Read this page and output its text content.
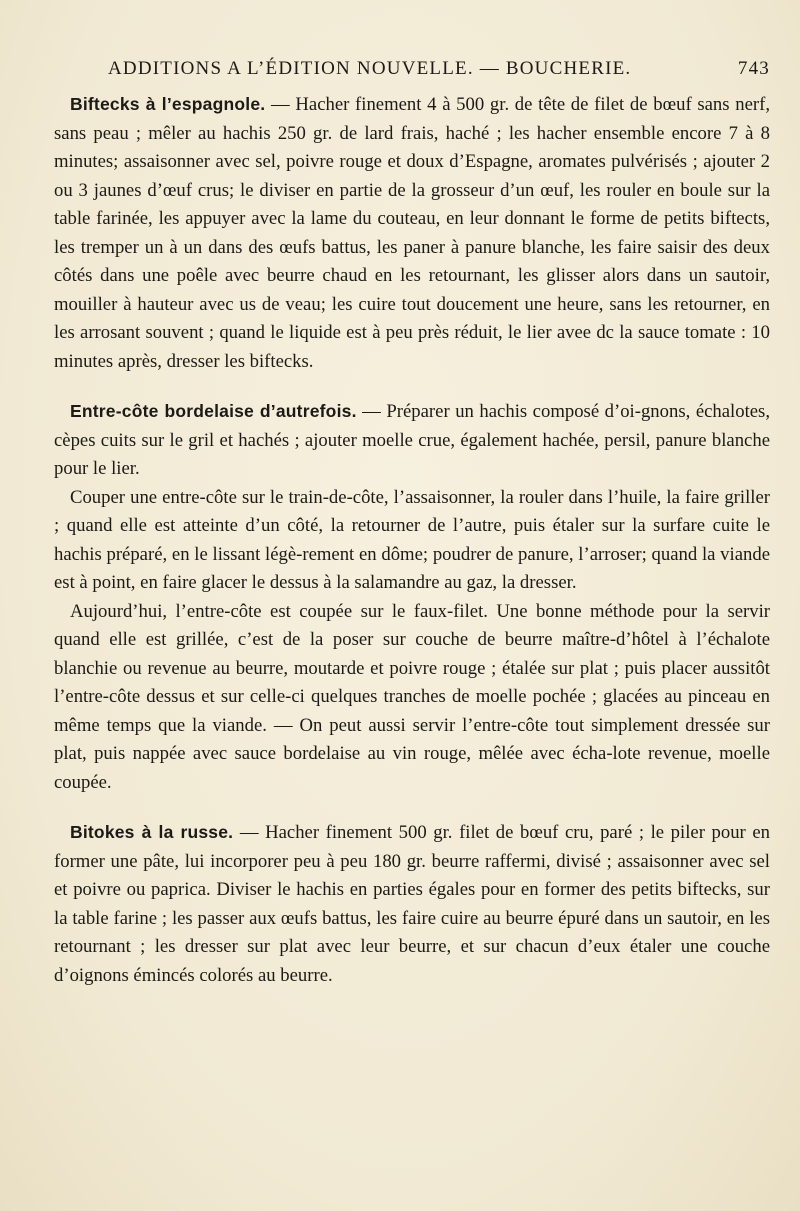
ADDITIONS A L’ÉDITION NOUVELLE. — BOUCHERIE.	743

Biftecks à l’espagnole. — Hacher finement 4 à 500 gr. de tête de filet de bœuf sans nerf, sans peau ; mêler au hachis 250 gr. de lard frais, haché ; les hacher ensemble encore 7 à 8 minutes; assaisonner avec sel, poivre rouge et doux d’Espagne, aromates pulvérisés ; ajouter 2 ou 3 jaunes d’œuf crus; le diviser en partie de la grosseur d’un œuf, les rouler en boule sur la table farinée, les appuyer avec la lame du couteau, en leur donnant le forme de petits biftects, les tremper un à un dans des œufs battus, les paner à panure blanche, les faire saisir des deux côtés dans une poêle avec beurre chaud en les retournant, les glisser alors dans un sautoir, mouiller à hauteur avec us de veau; les cuire tout doucement une heure, sans les retourner, en les arrosant souvent ; quand le liquide est à peu près réduit, le lier avee dc la sauce tomate : 10 minutes après, dresser les biftecks.

Entre-côte bordelaise d’autrefois. — Préparer un hachis composé d’oi-gnons, échalotes, cèpes cuits sur le gril et hachés ; ajouter moelle crue, également hachée, persil, panure blanche pour le lier.

Couper une entre-côte sur le train-de-côte, l’assaisonner, la rouler dans l’huile, la faire griller ; quand elle est atteinte d’un côté, la retourner de l’autre, puis étaler sur la surfare cuite le hachis préparé, en le lissant légè-rement en dôme; poudrer de panure, l’arroser; quand la viande est à point, en faire glacer le dessus à la salamandre au gaz, la dresser.

Aujourd’hui, l’entre-côte est coupée sur le faux-filet. Une bonne méthode pour la servir quand elle est grillée, c’est de la poser sur couche de beurre maître-d’hôtel à l’échalote blanchie ou revenue au beurre, moutarde et poivre rouge ; étalée sur plat ; puis placer aussitôt l’entre-côte dessus et sur celle-ci quelques tranches de moelle pochée ; glacées au pinceau en même temps que la viande. — On peut aussi servir l’entre-côte tout simplement dressée sur plat, puis nappée avec sauce bordelaise au vin rouge, mêlée avec écha-lote revenue, moelle coupée.

Bitokes à la russe. — Hacher finement 500 gr. filet de bœuf cru, paré ; le piler pour en former une pâte, lui incorporer peu à peu 180 gr. beurre raffermi, divisé ; assaisonner avec sel et poivre ou paprica. Diviser le hachis en parties égales pour en former des petits biftecks, sur la table farine ; les passer aux œufs battus, les faire cuire au beurre épuré dans un sautoir, en les retournant ; les dresser sur plat avec leur beurre, et sur chacun d’eux étaler une couche d’oignons émincés colorés au beurre.
